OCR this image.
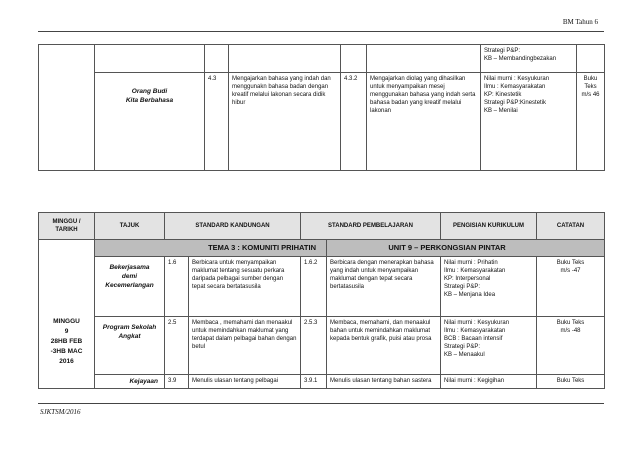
BM Tahun 6
						Strategi P&P:
KB – Membandingbezakan	
	Orang Budi
Kita Berbahasa	4.3	Mengajarkan bahasa yang indah dan menggunakn bahasa badan dengan kreatif melalui lakonan secara didik hibur	4.3.2	Mengajarkan diolag yang dihasilkan untuk menyampaikan mesej menggunakan bahasa yang indah serta bahasa badan yang kreatif melalui lakonan	Nilai murni : Kesyukuran
Ilmu : Kemasyarakatan
KP: Kinestetik
Strategi P&P:Kinestetik
KB – Menilai	Buku Teks
m/s 46
MINGGU / TARIKH	TAJUK	STANDARD KANDUNGAN		STANDARD PEMBELAJARAN		PENGISIAN KURIKULUM	CATATAN
MINGGU
9
28HB FEB
-3HB MAC
2016	TEMA 3 : KOMUNITI PRIHATIN				UNIT 9 – PERKONGSIAN PINTAR		
	Bekerjasama
demi
Kecemerlangan	1.6	Berbicara untuk menyampaikan maklumat tentang sesuatu perkara daripada pelbagai sumber dengan tepat secara bertatasusila	1.6.2	Berbicara dengan menerapkan bahasa yang indah untuk menyampaikan maklumat dengan tepat secara bertatasusila	Nilai murni : Prihatin
Ilmu : Kemasyarakatan
KP: Interpersonal
Strategi P&P:
KB – Menjana Idea	Buku Teks
m/s -47
	Program Sekolah
Angkat	2.5	Membaca , memahami dan menaakul untuk memindahkan maklumat yang terdapat dalam pelbagai bahan dengan betul	2.5.3	Membaca, memahami, dan menaakul bahan untuk memindahkan maklumat kepada bentuk grafik, puisi atau prosa	Nilai murni : Kesyukuran
Ilmu : Kemasyarakatan
BCB : Bacaan intensif
Strategi P&P:
KB – Menaakul	Buku Teks
m/s -48
	Kejayaan	3.9	Menulis ulasan tentang pelbagai	3.9.1	Menulis ulasan tentang bahan sastera	Nilai murni : Kegigihan	Buku Teks
SJKTSM/2016
